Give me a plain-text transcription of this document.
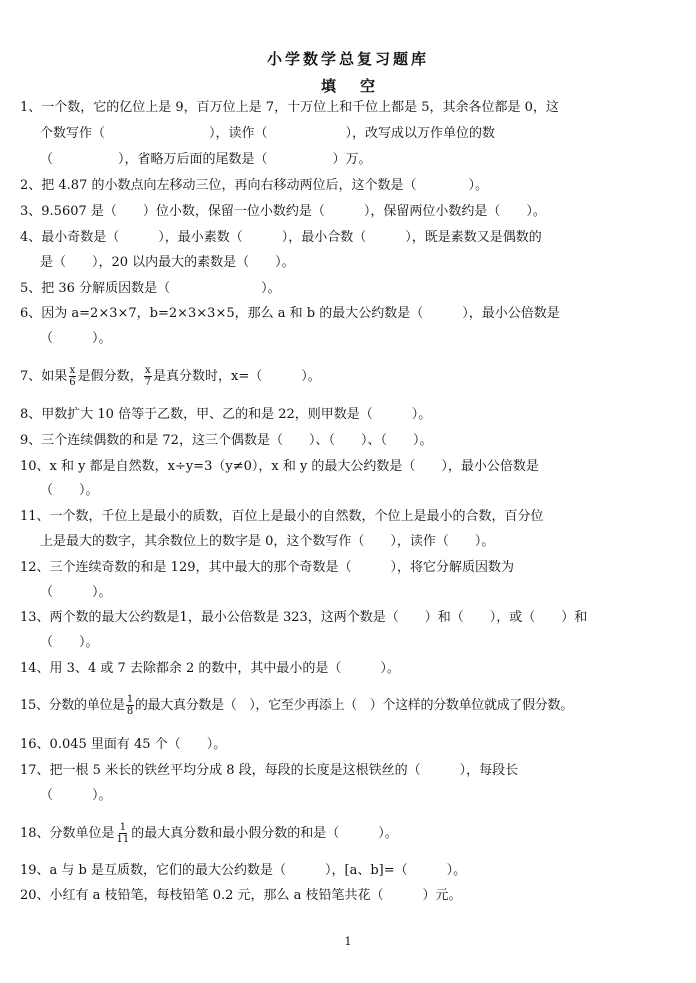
小学数学总复习题库
填空
1、一个数，它的亿位上是 9，百万位上是 7，十万位上和千位上都是 5，其余各位都是 0，这
个数写作（　　　　　　　　），读作（　　　　　　），改写成以万作单位的数
（　　　　　），省略万后面的尾数是（　　　　　）万。
2、把 4.87 的小数点向左移动三位，再向右移动两位后，这个数是（　　　　）。
3、9.5607 是（　　）位小数，保留一位小数约是（　　　），保留两位小数约是（　　）。
4、最小奇数是（　　　），最小素数（　　　），最小合数（　　　），既是素数又是偶数的
是（　　），20 以内最大的素数是（　　）。
5、把 36 分解质因数是（　　　　　　　）。
6、因为 a=2×3×7，b=2×3×3×5，那么 a 和 b 的最大公约数是（　　　），最小公倍数是
（　　　）。
7、如果 $\frac{x}{6}$ 是假分数， $\frac{x}{7}$ 是真分数时，x=（　　　）。
8、甲数扩大 10 倍等于乙数，甲、乙的和是 22，则甲数是（　　　）。
9、三个连续偶数的和是 72，这三个偶数是（　　）、（　　）、（　　）。
10、x 和 y 都是自然数，x÷y=3（y≠0），x 和 y 的最大公约数是（　　），最小公倍数是
（　　）。
11、一个数，千位上是最小的质数，百位上是最小的自然数，个位上是最小的合数，百分位
上是最大的数字，其余数位上的数字是 0，这个数写作（　　），读作（　　）。
12、三个连续奇数的和是 129，其中最大的那个奇数是（　　　），将它分解质因数为
（　　　）。
13、两个数的最大公约数是1，最小公倍数是 323，这两个数是（　　）和（　　），或（　　）和
（　　）。
14、用 3、4 或 7 去除都余 2 的数中，其中最小的是（　　　）。
15、分数的单位是 $\frac{1}{8}$ 的最大真分数是（　），它至少再添上（　）个这样的分数单位就成了假分数。
16、0.045 里面有 45 个（　　）。
17、把一根 5 米长的铁丝平均分成 8 段，每段的长度是这根铁丝的（　　　），每段长
（　　　）。
18、分数单位是 $\frac{1}{11}$ 的最大真分数和最小假分数的和是（　　　）。
19、a 与 b 是互质数，它们的最大公约数是（　　　），[a、b]=（　　　）。
20、小红有 a 枝铅笔，每枝铅笔 0.2 元，那么 a 枝铅笔共花（　　　）元。
1
